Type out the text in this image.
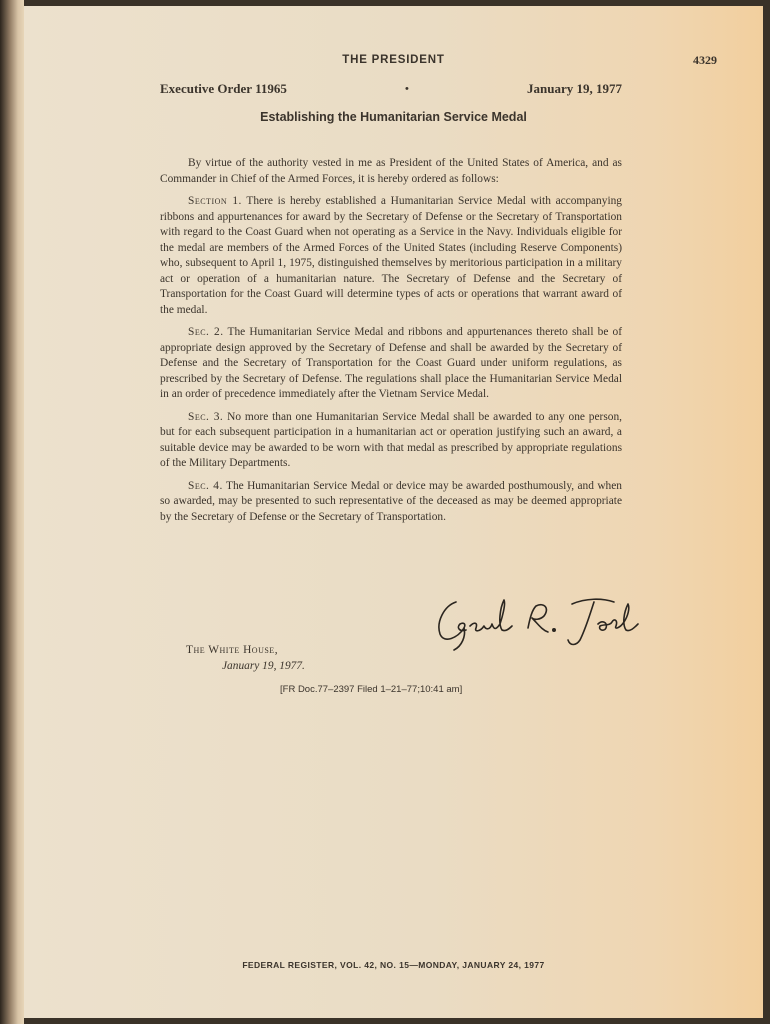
THE PRESIDENT	4329
Executive Order 11965	•	January 19, 1977
Establishing the Humanitarian Service Medal

By virtue of the authority vested in me as President of the United States of America, and as Commander in Chief of the Armed Forces, it is hereby ordered as follows:

Section 1. There is hereby established a Humanitarian Service Medal with accompanying ribbons and appurtenances for award by the Secretary of Defense or the Secretary of Transportation with regard to the Coast Guard when not operating as a Service in the Navy. Individuals eligible for the medal are members of the Armed Forces of the United States (including Reserve Components) who, subsequent to April 1, 1975, distinguished themselves by meritorious participation in a military act or operation of a humanitarian nature. The Secretary of Defense and the Secretary of Transportation for the Coast Guard will determine types of acts or operations that warrant award of the medal.

Sec. 2. The Humanitarian Service Medal and ribbons and appurtenances thereto shall be of appropriate design approved by the Secretary of Defense and shall be awarded by the Secretary of Defense and the Secretary of Transportation for the Coast Guard under uniform regulations, as prescribed by the Secretary of Defense. The regulations shall place the Humanitarian Service Medal in an order of precedence immediately after the Vietnam Service Medal.

Sec. 3. No more than one Humanitarian Service Medal shall be awarded to any one person, but for each subsequent participation in a humanitarian act or operation justifying such an award, a suitable device may be awarded to be worn with that medal as prescribed by appropriate regulations of the Military Departments.

Sec. 4. The Humanitarian Service Medal or device may be awarded posthumously, and when so awarded, may be presented to such representative of the deceased as may be deemed appropriate by the Secretary of Defense or the Secretary of Transportation.

The White House,
January 19, 1977.
[FR Doc.77–2397 Filed 1–21–77;10:41 am]
FEDERAL REGISTER, VOL. 42, NO. 15—MONDAY, JANUARY 24, 1977
